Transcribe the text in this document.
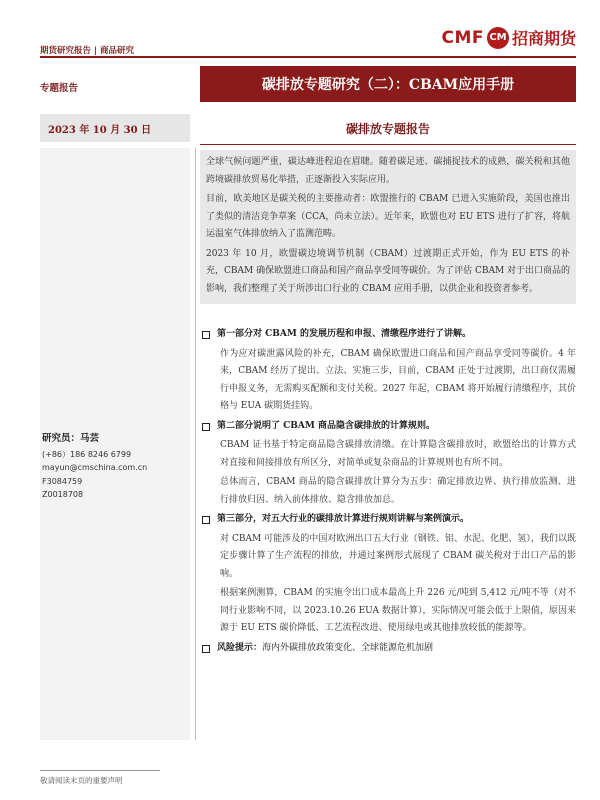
期货研究报告 | 商品研究
CMF CM 招商期货
专题报告	碳排放专题研究（二）：CBAM应用手册
2023 年 10 月 30 日	碳排放专题报告
研究员：马芸
(+86）186 8246 6799
mayun@cmschina.com.cn
F3084759
Z0018708

全球气候问题严重，碳达峰进程迫在眉睫。随着碳足迹、碳捕捉技术的成熟，碳关税和其他跨境碳排放贸易化举措，正逐渐投入实际应用。

目前，欧美地区是碳关税的主要推动者：欧盟推行的 CBAM 已进入实施阶段，美国也推出了类似的清洁竞争草案（CCA，尚未立法）。近年来，欧盟也对 EU ETS 进行了扩容，将航运温室气体排放纳入了监测范畴。

2023 年 10 月，欧盟碳边境调节机制（CBAM）过渡期正式开始，作为 EU ETS 的补充，CBAM 确保欧盟进口商品和国产商品享受同等碳价。为了评估 CBAM 对于出口商品的影响，我们整理了关于所涉出口行业的 CBAM 应用手册，以供企业和投资者参考。

第一部分对 CBAM 的发展历程和申报、清缴程序进行了讲解。

作为应对碳泄露风险的补充，CBAM 确保欧盟进口商品和国产商品享受同等碳价。4 年来，CBAM 经历了提出、立法、实施三步，目前，CBAM 正处于过渡期，出口商仅需履行申报义务，无需购买配额和支付关税。2027 年起，CBAM 将开始履行清缴程序，其价格与 EUA 碳期货挂钩。

第二部分说明了 CBAM 商品隐含碳排放的计算规则。

CBAM 证书基于特定商品隐含碳排放清缴。在计算隐含碳排放时，欧盟给出的计算方式对直接和间接排放有所区分，对简单或复杂商品的计算规则也有所不同。

总体而言，CBAM 商品的隐含碳排放计算分为五步：确定排放边界、执行排放监测、进行排放归因、纳入前体排放、隐含排放加总。

第三部分，对五大行业的碳排放计算进行规则讲解与案例演示。

对 CBAM 可能涉及的中国对欧洲出口五大行业（钢铁、铝、水泥、化肥、氢），我们以既定步骤计算了生产流程的排放，并通过案例形式展现了 CBAM 碳关税对于出口产品的影响。

根据案例测算，CBAM 的实施令出口成本最高上升 226 元/吨到 5,412 元/吨不等（对不同行业影响不同，以 2023.10.26 EUA 数据计算），实际情况可能会低于上限值，原因来源于 EU ETS 碳价降低、工艺流程改进、使用绿电或其他排放较低的能源等。

风险提示： 海内外碳排放政策变化、全球能源危机加剧
敬请阅读末页的重要声明
